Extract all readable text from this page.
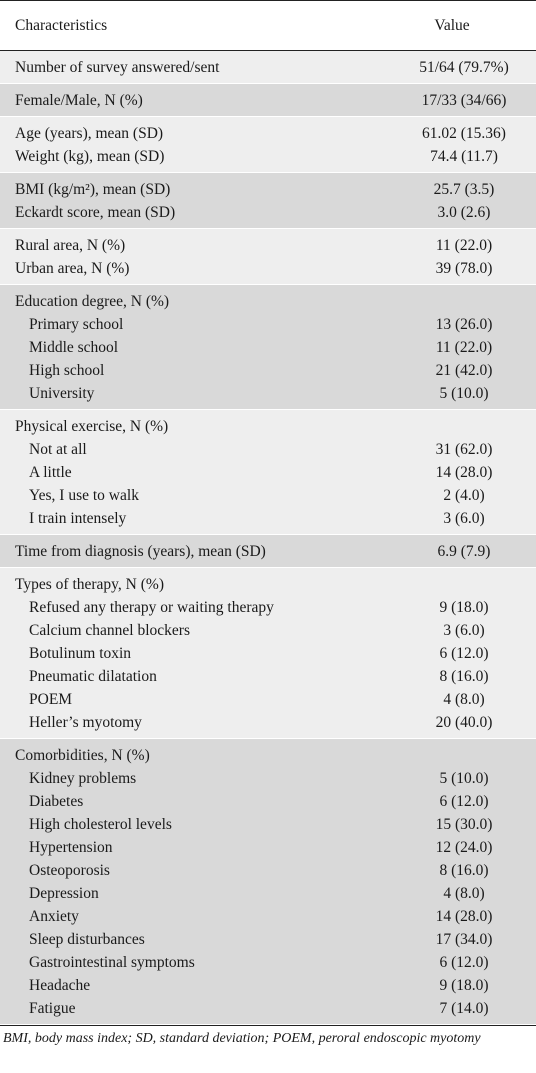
Characteristics	Value
Number of survey answered/sent	51/64 (79.7%)
Female/Male, N (%)	17/33 (34/66)
Age (years), mean (SD)	61.02 (15.36)
Weight (kg), mean (SD)	74.4 (11.7)
BMI (kg/m²), mean (SD)	25.7 (3.5)
Eckardt score, mean (SD)	3.0 (2.6)
Rural area, N (%)	11 (22.0)
Urban area, N (%)	39 (78.0)
Education degree, N (%)
Primary school	13 (26.0)
Middle school	11 (22.0)
High school	21 (42.0)
University	5 (10.0)
Physical exercise, N (%)
Not at all	31 (62.0)
A little	14 (28.0)
Yes, I use to walk	2 (4.0)
I train intensely	3 (6.0)
Time from diagnosis (years), mean (SD)	6.9 (7.9)
Types of therapy, N (%)
Refused any therapy or waiting therapy	9 (18.0)
Calcium channel blockers	3 (6.0)
Botulinum toxin	6 (12.0)
Pneumatic dilatation	8 (16.0)
POEM	4 (8.0)
Heller’s myotomy	20 (40.0)
Comorbidities, N (%)
Kidney problems	5 (10.0)
Diabetes	6 (12.0)
High cholesterol levels	15 (30.0)
Hypertension	12 (24.0)
Osteoporosis	8 (16.0)
Depression	4 (8.0)
Anxiety	14 (28.0)
Sleep disturbances	17 (34.0)
Gastrointestinal symptoms	6 (12.0)
Headache	9 (18.0)
Fatigue	7 (14.0)
BMI, body mass index; SD, standard deviation; POEM, peroral endoscopic myotomy
